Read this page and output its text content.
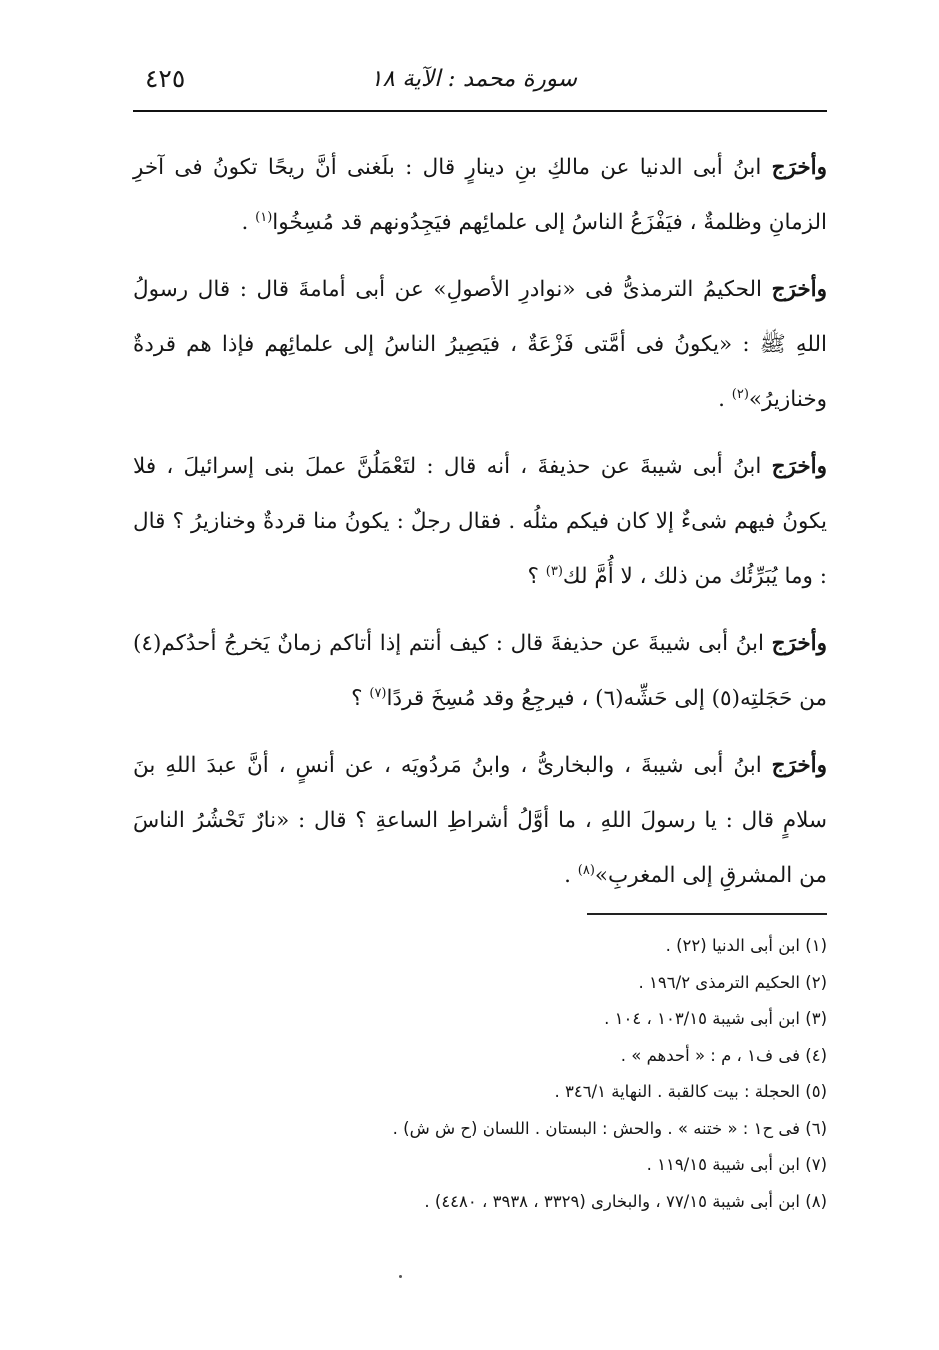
٤٢٥	سورة محمد : الآية ١٨

وأخرَج ابنُ أبى الدنيا عن مالكِ بنِ دينارٍ قال : بلَغنى أنَّ ريحًا تكونُ فى آخرِ الزمانِ وظلمةٌ ، فيَفْزَعُ الناسُ إلى علمائِهم فيَجِدُونهم قد مُسِخُوا$^{(١)}$ .

وأخرَج الحكيمُ الترمذىُّ فى «نوادرِ الأصولِ» عن أبى أمامةَ قال : قال رسولُ اللهِ ﷺ : «يكونُ فى أمَّتى فَزْعَةٌ ، فيَصِيرُ الناسُ إلى علمائِهم فإذا هم قردةٌ وخنازيرُ»$^{(٢)}$ .

وأخرَج ابنُ أبى شيبةَ عن حذيفةَ ، أنه قال : لتَعْمَلُنَّ عملَ بنى إسرائيلَ ، فلا يكونُ فيهم شىءٌ إلا كان فيكم مثلُه . فقال رجلٌ : يكونُ منا قردةٌ وخنازيرُ ؟ قال : وما يُبَرِّئُك من ذلك ، لا أُمَّ لك$^{(٣)}$ ؟

وأخرَج ابنُ أبى شيبةَ عن حذيفةَ قال : كيف أنتم إذا أتاكم زمانٌ يَخرجُ أحدُكم(٤) من حَجَلتِه(٥) إلى حَشِّه(٦) ، فيرجِعُ وقد مُسِخَ قردًا$^{(٧)}$ ؟

وأخرَج ابنُ أبى شيبةَ ، والبخارىُّ ، وابنُ مَردُويَه ، عن أنسٍ ، أنَّ عبدَ اللهِ بنَ سلامٍ قال : يا رسولَ اللهِ ، ما أوَّلُ أشراطِ الساعةِ ؟ قال : «نارٌ تَحْشُرُ الناسَ من المشرقِ إلى المغربِ»$^{(٨)}$ .

(١) ابن أبى الدنيا (٢٢) .
(٢) الحكيم الترمذى ١٩٦/٢ .
(٣) ابن أبى شيبة ١٠٣/١٥ ، ١٠٤ .
(٤) فى ف١ ، م : « أحدهم » .
(٥) الحجلة : بيت كالقبة . النهاية ٣٤٦/١ .
(٦) فى ح١ : « ختنه » . والحش : البستان . اللسان (ح ش ش) .
(٧) ابن أبى شيبة ١١٩/١٥ .
(٨) ابن أبى شيبة ٧٧/١٥ ، والبخارى (٣٣٢٩ ، ٣٩٣٨ ، ٤٤٨٠) .
